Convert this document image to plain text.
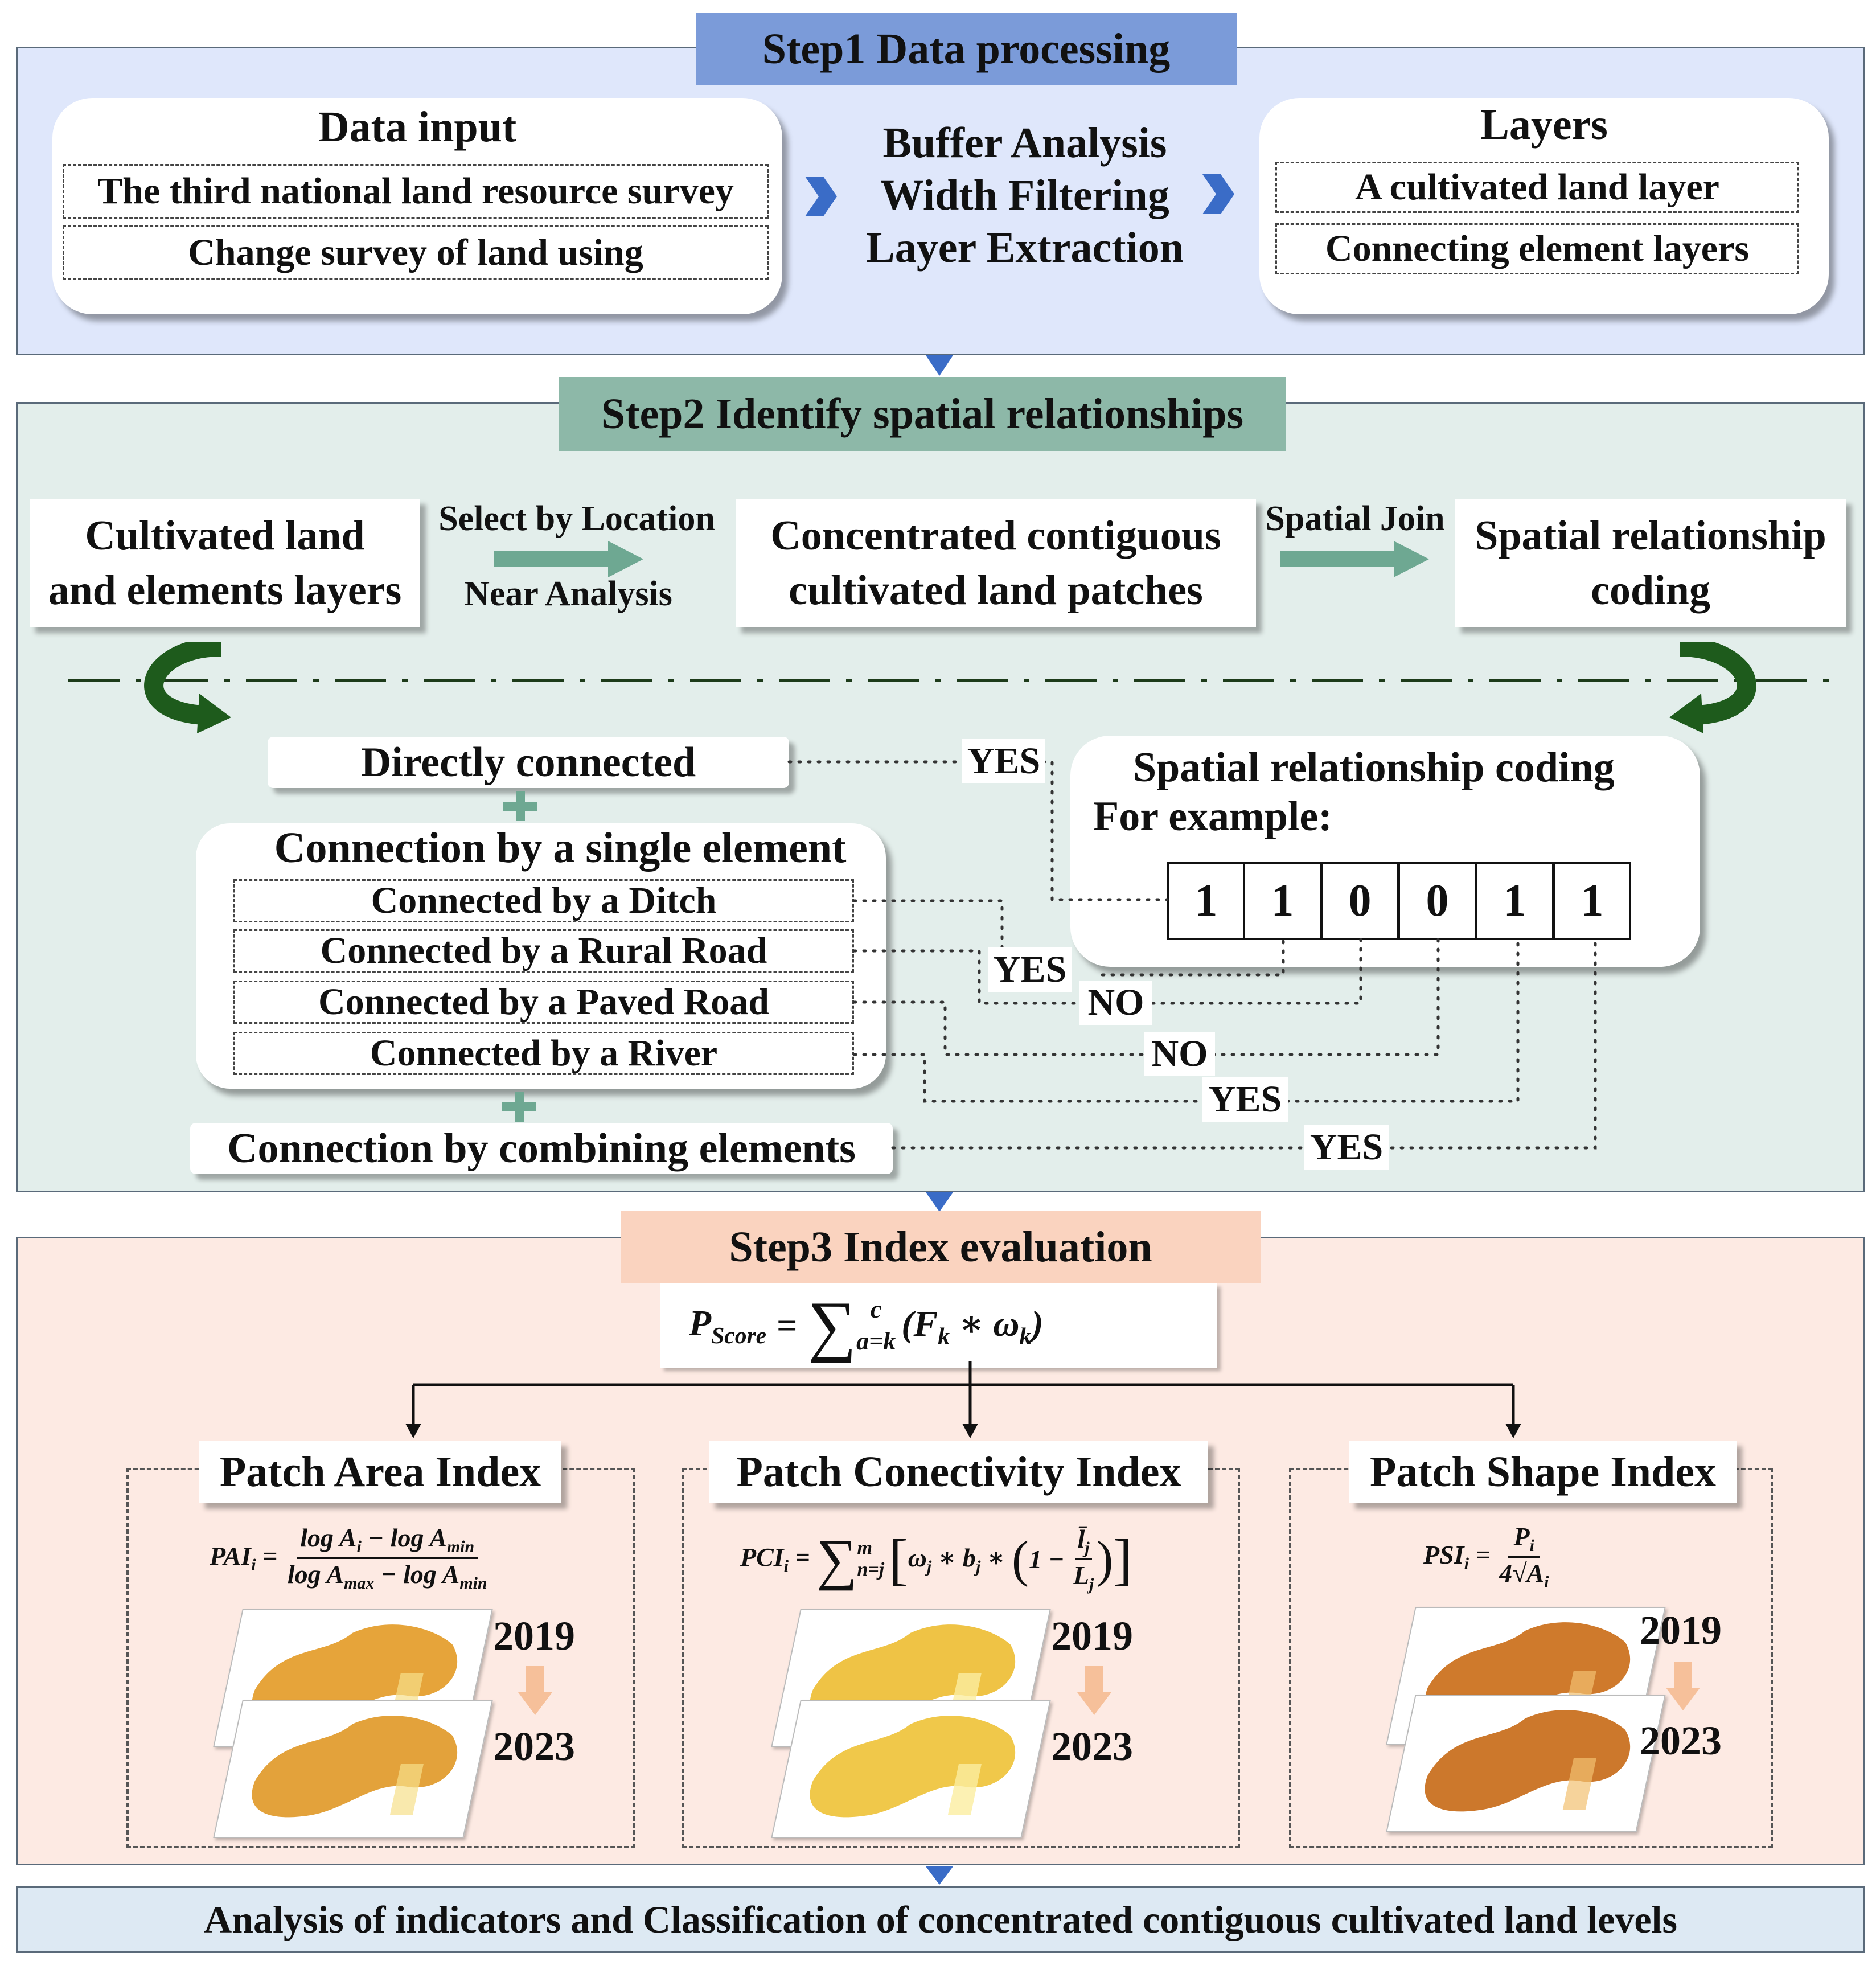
Step1 Data processing
Data input
The third national land resource survey
Change survey of land using
Buffer Analysis
Width Filtering
Layer Extraction
Layers
A cultivated land layer
Connecting element layers
Step2 Identify spatial relationships
Cultivated land
and elements layers
Select by Location
Near Analysis
Concentrated contiguous
cultivated land patches
Spatial Join Spatial relationship
coding
Directly connected
Connection by a single element
Connected by a Ditch
Connected by a Rural Road
Connected by a Paved Road
Connected by a River
Connection by combining elements
Spatial relationship coding
For example:
1	1	0	0	1	1
YES
YES
NO
NO
YES
YES
Step3 Index evaluation
$P_{Score}$ = ∑ c
a=k ($F_k$ ∗ $\omega_k$)
Patch Area Index
$PAI_i$ =
$\log A_i - \log A_{min}$
$\log A_{max} - \log A_{min}$
2019
2023
Patch Conectivity Index
$PCI_i$ = ∑ m
n=j [ $\omega_j$ ∗ $b_j$ ∗ ( $1 - \frac{l̄_j}{L_j}$ ) ]
2019
2023
Patch Shape Index
$PSI_i = \frac{P_i}{4√A_i}$
2019
2023
Analysis of indicators and Classification of concentrated contiguous cultivated land levels
